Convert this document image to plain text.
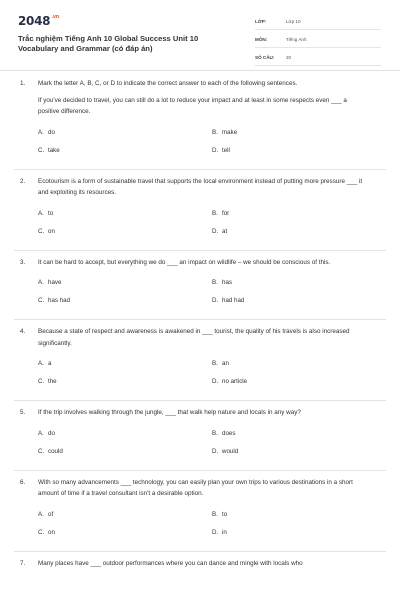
$2048^{.vn}$
Trắc nghiệm Tiếng Anh 10 Global Success Unit 10 Vocabulary and Grammar (có đáp án)
LỚP:	Lớp 10
MÔN:	Tiếng Anh
SỐ CÂU:	20
1. Mark the letter A, B, C, or D to indicate the correct answer to each of the following sentences.
If you've decided to travel, you can still do a lot to reduce your impact and at least in some respects even ___ a positive difference.
A. do	B. make
C. take	D. tell
2. Ecotourism is a form of sustainable travel that supports the local environment instead of putting more pressure ___ it and exploiting its resources.
A. to	B. for
C. on	D. at
3. It can be hard to accept, but everything we do ___ an impact on wildlife – we should be conscious of this.
A. have	B. has
C. has had	D. had had
4. Because a state of respect and awareness is awakened in ___ tourist, the quality of his travels is also increased significantly.
A. a	B. an
C. the	D. no article
5. If the trip involves walking through the jungle, ___ that walk help nature and locals in any way?
A. do	B. does
C. could	D. would
6. With so many advancements ___ technology, you can easily plan your own trips to various destinations in a short amount of time if a travel consultant isn't a desirable option.
A. of	B. to
C. on	D. in
7. Many places have ___ outdoor performances where you can dance and mingle with locals who
